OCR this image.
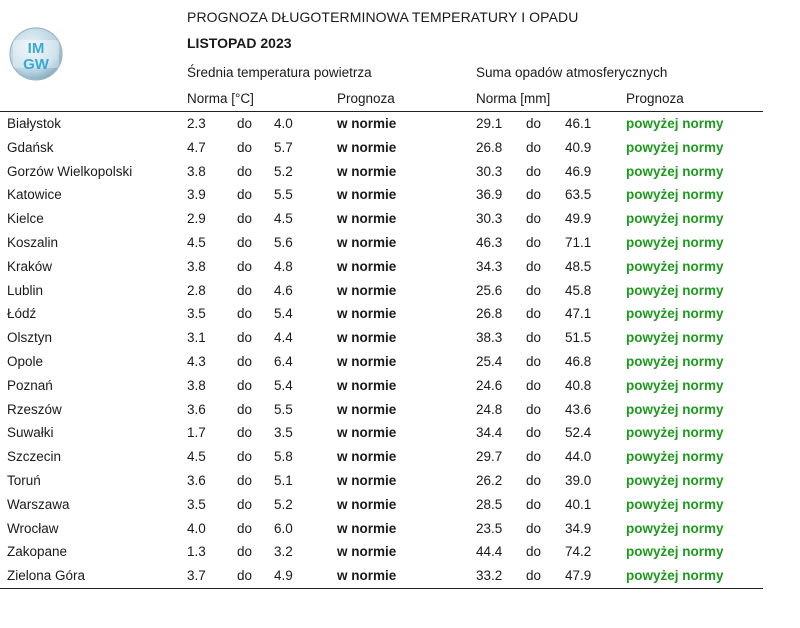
IM
GW
PROGNOZA DŁUGOTERMINOWA TEMPERATURY I OPADU
LISTOPAD 2023
Średnia temperatura powietrza	Suma opadów atmosferycznych
Norma [°C]	Prognoza	Norma [mm]	Prognoza
Białystok	2.3 do 4.0	w normie	29.1 do 46.1	powyżej normy
Gdańsk	4.7 do 5.7	w normie	26.8 do 40.9	powyżej normy
Gorzów Wielkopolski	3.8 do 5.2	w normie	30.3 do 46.9	powyżej normy
Katowice	3.9 do 5.5	w normie	36.9 do 63.5	powyżej normy
Kielce	2.9 do 4.5	w normie	30.3 do 49.9	powyżej normy
Koszalin	4.5 do 5.6	w normie	46.3 do 71.1	powyżej normy
Kraków	3.8 do 4.8	w normie	34.3 do 48.5	powyżej normy
Lublin	2.8 do 4.6	w normie	25.6 do 45.8	powyżej normy
Łódź	3.5 do 5.4	w normie	26.8 do 47.1	powyżej normy
Olsztyn	3.1 do 4.4	w normie	38.3 do 51.5	powyżej normy
Opole	4.3 do 6.4	w normie	25.4 do 46.8	powyżej normy
Poznań	3.8 do 5.4	w normie	24.6 do 40.8	powyżej normy
Rzeszów	3.6 do 5.5	w normie	24.8 do 43.6	powyżej normy
Suwałki	1.7 do 3.5	w normie	34.4 do 52.4	powyżej normy
Szczecin	4.5 do 5.8	w normie	29.7 do 44.0	powyżej normy
Toruń	3.6 do 5.1	w normie	26.2 do 39.0	powyżej normy
Warszawa	3.5 do 5.2	w normie	28.5 do 40.1	powyżej normy
Wrocław	4.0 do 6.0	w normie	23.5 do 34.9	powyżej normy
Zakopane	1.3 do 3.2	w normie	44.4 do 74.2	powyżej normy
Zielona Góra	3.7 do 4.9	w normie	33.2 do 47.9	powyżej normy
